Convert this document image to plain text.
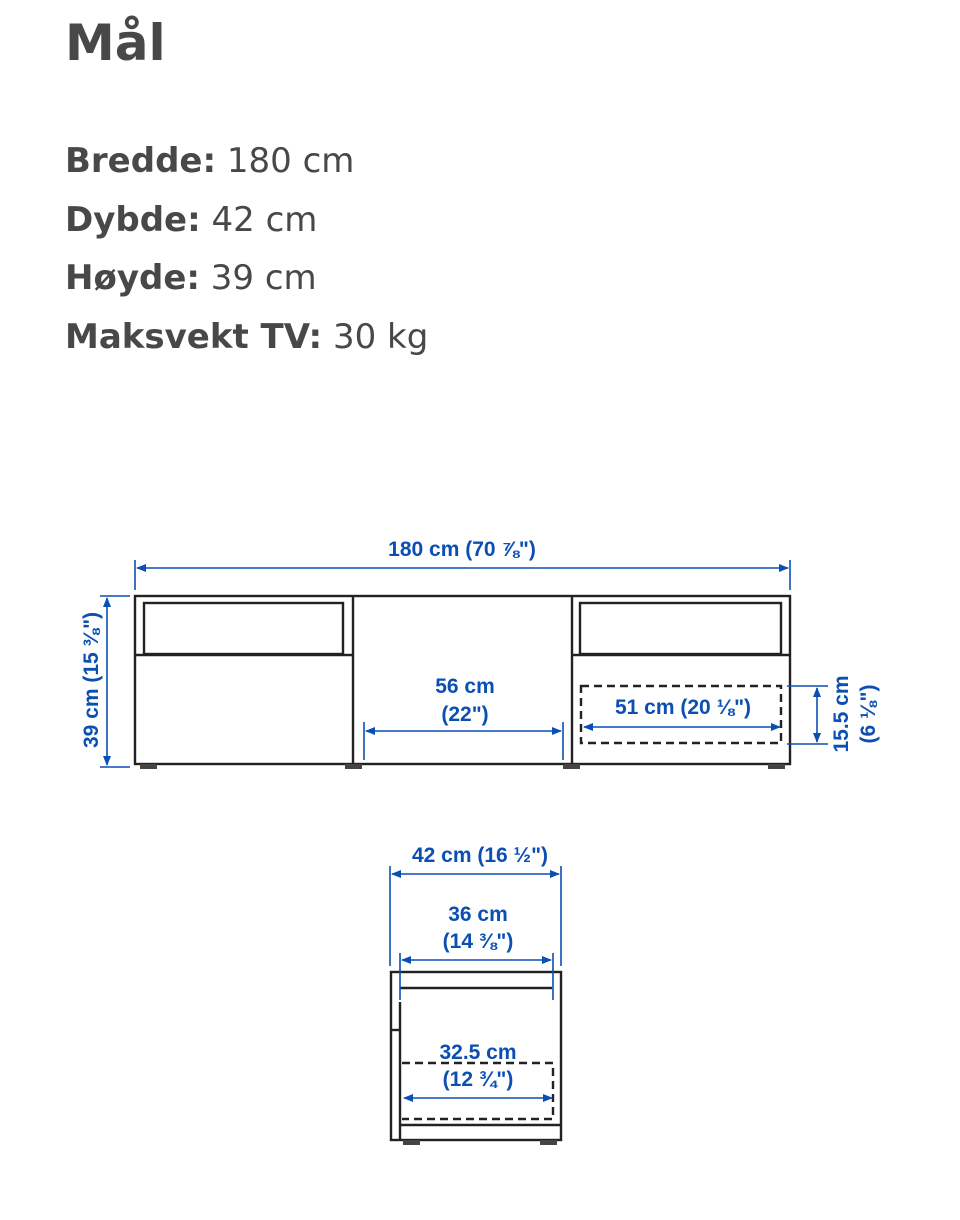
Mål
Bredde: 180 cm
Dybde: 42 cm
Høyde: 39 cm
Maksvekt TV: 30 kg
180 cm (70 ⅞")
39 cm (15 ⅜")	56 cm
(22")	51 cm (20 ⅛")	15.5 cm (6 ⅛")
42 cm (16 ½")
36 cm
(14 ⅜")
32.5 cm
(12 ¾")
